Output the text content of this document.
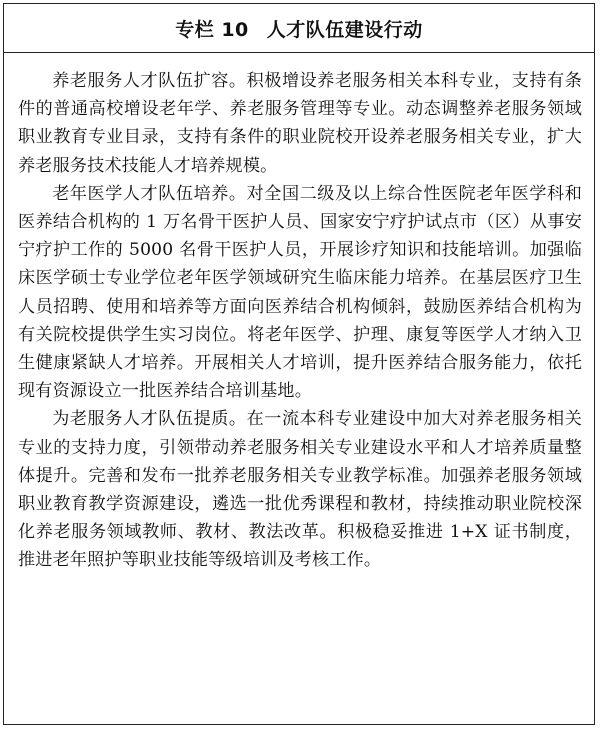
专栏 10 人才队伍建设行动

养老服务人才队伍扩容。积极增设养老服务相关本科专业，支持有条件的普通高校增设老年学、养老服务管理等专业。动态调整养老服务领域职业教育专业目录，支持有条件的职业院校开设养老服务相关专业，扩大养老服务技术技能人才培养规模。

老年医学人才队伍培养。对全国二级及以上综合性医院老年医学科和医养结合机构的 1 万名骨干医护人员、国家安宁疗护试点市（区）从事安宁疗护工作的 5000 名骨干医护人员，开展诊疗知识和技能培训。加强临床医学硕士专业学位老年医学领域研究生临床能力培养。在基层医疗卫生人员招聘、使用和培养等方面向医养结合机构倾斜，鼓励医养结合机构为有关院校提供学生实习岗位。将老年医学、护理、康复等医学人才纳入卫生健康紧缺人才培养。开展相关人才培训，提升医养结合服务能力，依托现有资源设立一批医养结合培训基地。

为老服务人才队伍提质。在一流本科专业建设中加大对养老服务相关专业的支持力度，引领带动养老服务相关专业建设水平和人才培养质量整体提升。完善和发布一批养老服务相关专业教学标准。加强养老服务领域职业教育教学资源建设，遴选一批优秀课程和教材，持续推动职业院校深化养老服务领域教师、教材、教法改革。积极稳妥推进 1+X 证书制度，推进老年照护等职业技能等级培训及考核工作。
